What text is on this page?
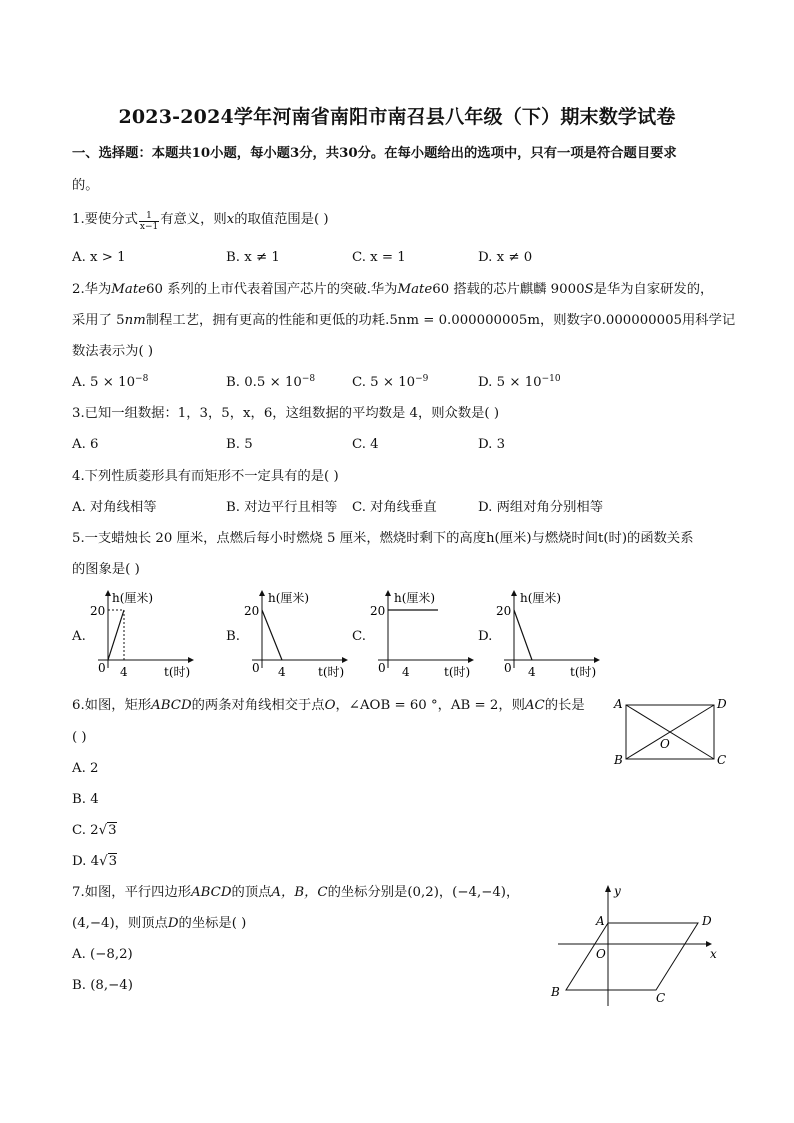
2023-2024学年河南省南阳市南召县八年级（下）期末数学试卷
一、选择题：本题共10小题，每小题3分，共30分。在每小题给出的选项中，只有一项是符合题目要求
的。
1.要使分式 $\frac{1}{x-1}$ 有意义，则x的取值范围是( )
A. x > 1	B. x ≠ 1	C. x = 1	D. x ≠ 0
2.华为Mate60 系列的上市代表着国产芯片的突破.华为Mate60 搭载的芯片麒麟 9000S是华为自家研发的，
采用了 5nm制程工艺，拥有更高的性能和更低的功耗.5nm = 0.000000005m，则数字0.000000005用科学记
数法表示为( )
A. $5 \times 10^{-8}$	B. $0.5 \times 10^{-8}$	C. $5 \times 10^{-9}$	D. $5 \times 10^{-10}$
3.已知一组数据：1，3，5，x，6，这组数据的平均数是 4，则众数是( )
A. 6	B. 5	C. 4	D. 3
4.下列性质菱形具有而矩形不一定具有的是( )
A. 对角线相等	B. 对边平行且相等 C. 对角线垂直	D. 两组对角分别相等
5.一支蜡烛长 20 厘米，点燃后每小时燃烧 5 厘米，燃烧时剩下的高度h(厘米)与燃烧时间t(时)的函数关系
的图象是( )
A.	B.	C.	D.
20
4
0
h(厘米)
t(时)
20
4
0
h(厘米)
t(时)
20
4
0
h(厘米)
t(时)
20
4
0
h(厘米)
t(时)
6.如图，矩形ABCD的两条对角线相交于点O，∠AOB = 60 °，AB = 2，则AC的长是
( )
A. 2
B. 4
C. 2√3
D. 4√3
A	D
B	C
O
7.如图，平行四边形ABCD的顶点A，B，C的坐标分别是(0,2)，(−4,−4)，
(4,−4)，则顶点D的坐标是( )
A. (−8,2)
B. (8,−4)
y
x
A	D
O
B	C
